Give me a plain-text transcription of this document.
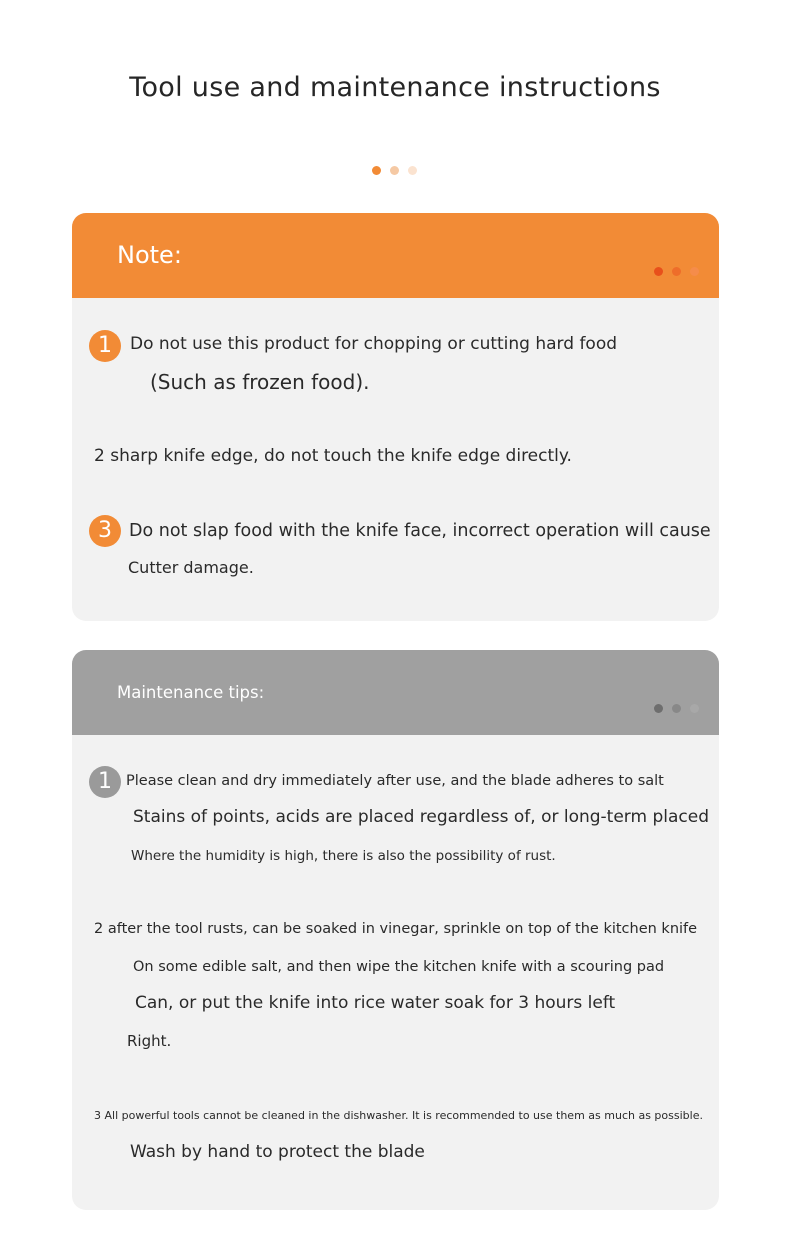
Tool use and maintenance instructions
Note:
1	Do not use this product for chopping or cutting hard food
(Such as frozen food).
2 sharp knife edge, do not touch the knife edge directly.
3 Do not slap food with the knife face, incorrect operation will cause
Cutter damage.
Maintenance tips:
1 Please clean and dry immediately after use, and the blade adheres to salt
Stains of points, acids are placed regardless of, or long-term placed
Where the humidity is high, there is also the possibility of rust.
2 after the tool rusts, can be soaked in vinegar, sprinkle on top of the kitchen knife
On some edible salt, and then wipe the kitchen knife with a scouring pad
Can, or put the knife into rice water soak for 3 hours left
Right.
3 All powerful tools cannot be cleaned in the dishwasher. It is recommended to use them as much as possible.
Wash by hand to protect the blade
